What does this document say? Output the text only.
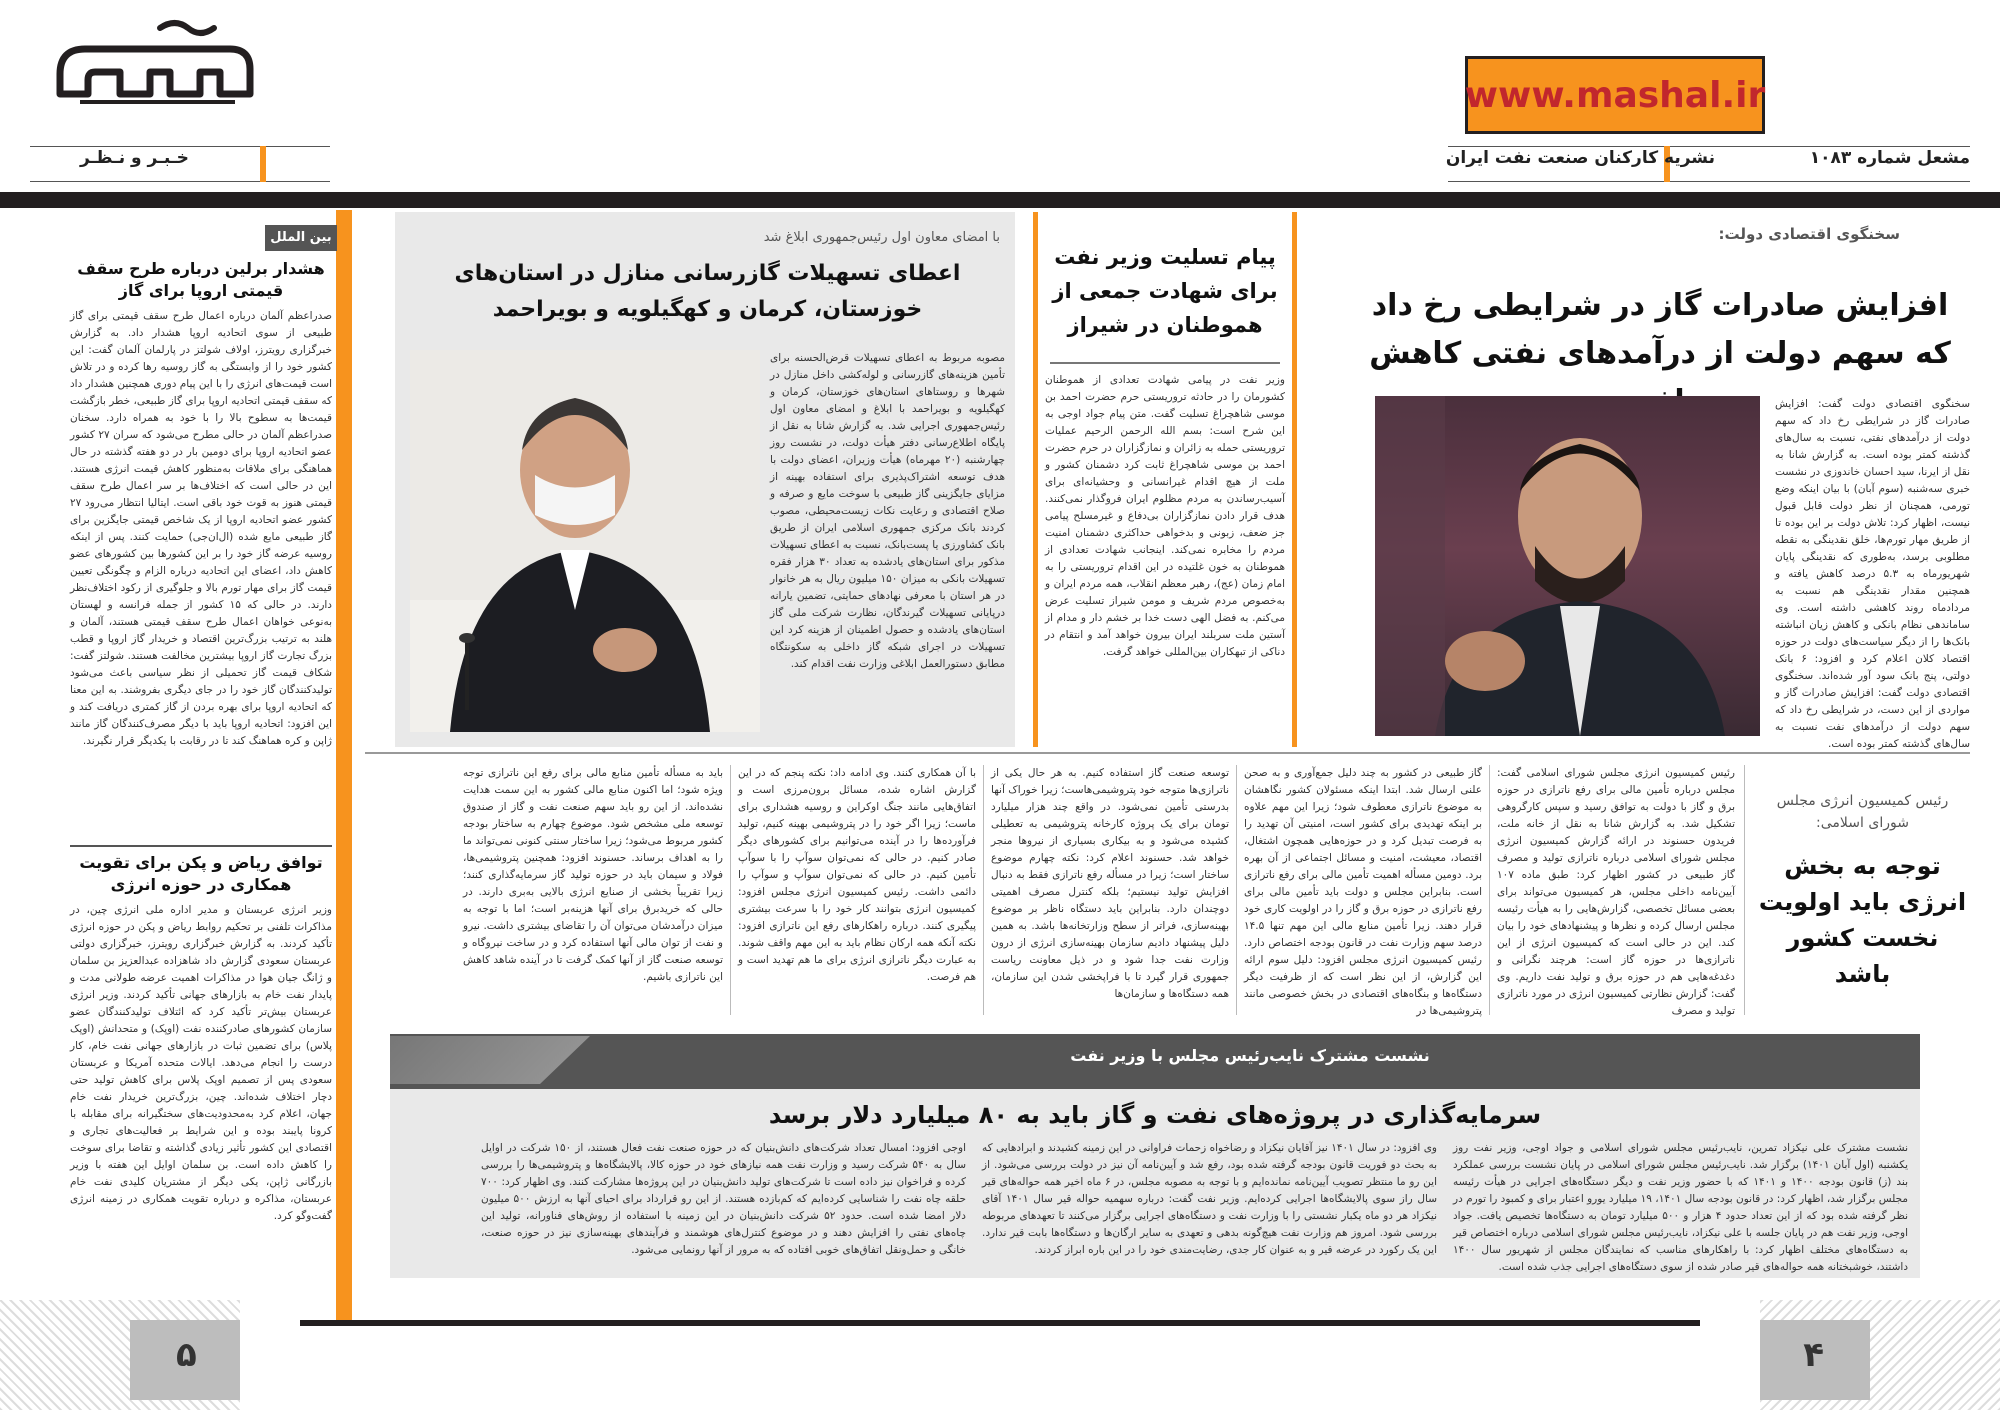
www.mashal.ir
مشعل شماره ۱۰۸۳
نشریه کارکنان صنعت نفت ایران
خـبـر و نـظـر
بین الملل
هشدار برلین درباره طرح سقف قیمتی اروپا برای گاز
صدراعظم آلمان درباره اعمال طرح سقف قیمتی برای گاز طبیعی از سوی اتحادیه اروپا هشدار داد. به گزارش خبرگزاری رویترز، اولاف شولتز در پارلمان آلمان گفت: این کشور خود را از وابستگی به گاز روسیه رها کرده و در تلاش است قیمت‌های انرژی را با این پیام دوری همچنین هشدار داد که سقف قیمتی اتحادیه اروپا برای گاز طبیعی، خطر بازگشت قیمت‌ها به سطوح بالا را با خود به همراه دارد. سخنان صدراعظم آلمان در حالی مطرح می‌شود که سران ۲۷ کشور عضو اتحادیه اروپا برای دومین بار در دو هفته گذشته در حال هماهنگی برای ملاقات به‌منظور کاهش قیمت انرژی هستند. این در حالی است که اختلاف‌ها بر سر اعمال طرح سقف قیمتی هنوز به قوت خود باقی است. ایتالیا انتظار می‌رود ۲۷ کشور عضو اتحادیه اروپا از یک شاخص قیمتی جایگزین برای گاز طبیعی مایع شده (ال‌ان‌جی) حمایت کنند. پس از اینکه روسیه عرضه گاز خود را بر این کشورها بین کشورهای عضو کاهش داد، اعضای این اتحادیه درباره الزام و چگونگی تعیین قیمت گاز برای مهار تورم بالا و جلوگیری از رکود اختلاف‌نظر دارند. در حالی که ۱۵ کشور از جمله فرانسه و لهستان به‌نوعی خواهان اعمال طرح سقف قیمتی هستند، آلمان و هلند به ترتیب بزرگ‌ترین اقتصاد و خریدار گاز اروپا و قطب بزرگ تجارت گاز اروپا بیشترین مخالفت هستند. شولتز گفت: شکاف قیمت گاز تحمیلی از نظر سیاسی باعث می‌شود تولیدکنندگان گاز خود را در جای دیگری بفروشند. به این معنا که اتحادیه اروپا برای بهره بردن از گاز کمتری دریافت کند و این افزود: اتحادیه اروپا باید با دیگر مصرف‌کنندگان گاز مانند ژاپن و کره هماهنگ کند تا در رقابت با یکدیگر قرار نگیرند.
توافق ریاض و پکن برای تقویت همکاری در حوزه انرژی
وزیر انرژی عربستان و مدیر اداره ملی انرژی چین، در مذاکرات تلفنی بر تحکیم روابط ریاض و پکن در حوزه انرژی تأکید کردند. به گزارش خبرگزاری رویترز، خبرگزاری دولتی عربستان سعودی گزارش داد شاهزاده عبدالعزیز بن سلمان و ژانگ جیان هوا در مذاکرات اهمیت عرضه طولانی مدت و پایدار نفت خام به بازارهای جهانی تأکید کردند. وزیر انرژی عربستان بیش‌تر تأکید کرد که ائتلاف تولیدکنندگان عضو سازمان کشورهای صادرکننده نفت (اوپک) و متحدانش (اوپک پلاس) برای تضمین ثبات در بازارهای جهانی نفت خام، کار درست را انجام می‌دهد. ایالات متحده آمریکا و عربستان سعودی پس از تصمیم اوپک پلاس برای کاهش تولید حتی دچار اختلاف شده‌اند. چین، بزرگ‌ترین خریدار نفت خام جهان، اعلام کرد به‌محدودیت‌های سختگیرانه برای مقابله با کرونا پایبند بوده و این شرایط بر فعالیت‌های تجاری و اقتصادی این کشور تأثیر زیادی گذاشته و تقاضا برای سوخت را کاهش داده است. بن سلمان اوایل این هفته با وزیر بازرگانی ژاپن، یکی دیگر از مشتریان کلیدی نفت خام عربستان، مذاکره و درباره تقویت همکاری در زمینه انرژی گفت‌وگو کرد.
سخنگوی اقتصادی دولت:
افزایش صادرات گاز در شرایطی رخ داد که سهم دولت از درآمدهای نفتی کاهش
سخنگوی اقتصادی دولت گفت: افزایش صادرات گاز در شرایطی رخ داد که سهم دولت از درآمدهای نفتی، نسبت به سال‌های گذشته کمتر بوده است. به گزارش شانا به نقل از ایرنا، سید احسان خاندوزی در نشست خبری سه‌شنبه (سوم آبان) با بیان اینکه وضع تورمی، همچنان از نظر دولت قابل قبول نیست، اظهار کرد: تلاش دولت بر این بوده تا از طریق مهار تورم‌ها، خلق نقدینگی به نقطه مطلوبی برسد، به‌طوری که نقدینگی پایان شهریورماه به ۵.۳ درصد کاهش یافته و همچنین مقدار نقدینگی هم نسبت به مردادماه روند کاهشی داشته است. وی ساماندهی نظام بانکی و کاهش زیان انباشته بانک‌ها را از دیگر سیاست‌های دولت در حوزه اقتصاد کلان اعلام کرد و افزود: ۶ بانک دولتی، پنج بانک سود آور شده‌اند. سخنگوی اقتصادی دولت گفت: افزایش صادرات گاز و مواردی از این دست، در شرایطی رخ داد که سهم دولت از درآمدهای نفت نسبت به سال‌های گذشته کمتر بوده است.
پیام تسلیت وزیر نفت برای شهادت جمعی از هموطنان در شیراز
وزیر نفت در پیامی شهادت تعدادی از هموطنان کشورمان را در حادثه تروریستی حرم حضرت احمد بن موسی شاهچراغ تسلیت گفت. متن پیام جواد اوجی به این شرح است: بسم الله الرحمن الرحیم عملیات تروریستی حمله به زائران و نمازگزاران در حرم حضرت احمد بن موسی شاهچراغ ثابت کرد دشمنان کشور و ملت از هیچ اقدام غیرانسانی و وحشیانه‌ای برای آسیب‌رساندن به مردم مظلوم ایران فروگذار نمی‌کنند. هدف قرار دادن نمازگزاران بی‌دفاع و غیرمسلح پیامی جز ضعف، زبونی و بدخواهی حداکثری دشمنان امنیت مردم را مخابره نمی‌کند. اینجانب شهادت تعدادی از هموطنان به خون غلتیده در این اقدام تروریستی را به امام زمان (عج)، رهبر معظم انقلاب، همه مردم ایران و به‌خصوص مردم شریف و مومن شیراز تسلیت عرض می‌کنم. به فضل الهی دست خدا بر خشم دار و مدام از آستین ملت سربلند ایران بیرون خواهد آمد و انتقام در دناکی از تبهکاران بین‌المللی خواهد گرفت.
با امضای معاون اول رئیس‌جمهوری ابلاغ شد
اعطای تسهیلات گازرسانی منازل در استان‌های خوزستان، کرمان و کهگیلویه و بویراحمد
مصوبه مربوط به اعطای تسهیلات قرض‌الحسنه برای تأمین هزینه‌های گازرسانی و لوله‌کشی داخل منازل در شهرها و روستاهای استان‌های خوزستان، کرمان و کهگیلویه و بویراحمد با ابلاغ و امضای معاون اول رئیس‌جمهوری اجرایی شد. به گزارش شانا به نقل از پایگاه اطلاع‌رسانی دفتر هیأت دولت، در نشست روز چهارشنبه (۲۰ مهرماه) هیأت وزیران، اعضای دولت با هدف توسعه اشتراک‌پذیری برای استفاده بهینه از مزایای جایگزینی گاز طبیعی با سوخت مایع و صرفه و صلاح اقتصادی و رعایت نکات زیست‌محیطی، مصوب کردند بانک مرکزی جمهوری اسلامی ایران از طریق بانک کشاورزی یا پست‌بانک، نسبت به اعطای تسهیلات مذکور برای استان‌های یادشده به تعداد ۳۰ هزار فقره تسهیلات بانکی به میزان ۱۵۰ میلیون ریال به هر خانوار در هر استان با معرفی نهادهای حمایتی، تضمین یارانه درپایانی تسهیلات گیرندگان، نظارت شرکت ملی گاز استان‌های یادشده و حصول اطمینان از هزینه کرد این تسهیلات در اجرای شبکه گاز داخلی به سکونتگاه مطابق دستورالعمل ابلاغی وزارت نفت اقدام کند.
رئیس کمیسیون انرژی مجلس شورای اسلامی:
توجه به بخش انرژی باید اولویت نخست کشور باشد
رئیس کمیسیون انرژی مجلس شورای اسلامی گفت: مجلس درباره تأمین مالی برای رفع ناترازی در حوزه برق و گاز با دولت به توافق رسید و سپس کارگروهی تشکیل شد. به گزارش شانا به نقل از خانه ملت، فریدون حسنوند در ارائه گزارش کمیسیون انرژی مجلس شورای اسلامی درباره ناترازی تولید و مصرف گاز طبیعی در کشور اظهار کرد: طبق ماده ۱۰۷ آیین‌نامه داخلی مجلس، هر کمیسیون می‌تواند برای بعضی مسائل تخصصی، گزارش‌هایی را به هیأت رئیسه مجلس ارسال کرده و نظرها و پیشنهادهای خود را بیان کند. این در حالی است که کمیسیون انرژی از این ناترازی‌ها در حوزه گاز است: هرچند نگرانی و دغدغه‌هایی هم در حوزه برق و تولید نفت داریم. وی گفت: گزارش نظارتی کمیسیون انرژی در مورد ناترازی تولید و مصرف
گاز طبیعی در کشور به چند دلیل جمع‌آوری و به صحن علنی ارسال شد. ابتدا اینکه مسئولان کشور نگاهشان به موضوع ناترازی معطوف شود؛ زیرا این مهم علاوه بر اینکه تهدیدی برای کشور است، امنیتی آن تهدید را به فرصت تبدیل کرد و در حوزه‌هایی همچون اشتغال، اقتصاد، معیشت، امنیت و مسائل اجتماعی از آن بهره برد. دومین مسأله اهمیت تأمین مالی برای رفع ناترازی است. بنابراین مجلس و دولت باید تأمین مالی برای رفع ناترازی در حوزه برق و گاز را در اولویت کاری خود قرار دهند. زیرا تأمین منابع مالی این مهم تنها ۱۴.۵ درصد سهم وزارت نفت در قانون بودجه اختصاص دارد. رئیس کمیسیون انرژی مجلس افزود: دلیل سوم ارائه این گزارش، از این نظر است که از ظرفیت دیگر دستگاه‌ها و بنگاه‌های اقتصادی در بخش خصوصی مانند پتروشیمی‌ها در
توسعه صنعت گاز استفاده کنیم. به هر حال یکی از ناترازی‌ها متوجه خود پتروشیمی‌هاست؛ زیرا خوراک آنها بدرستی تأمین نمی‌شود. در واقع چند هزار میلیارد تومان برای یک پروژه کارخانه پتروشیمی به تعطیلی کشیده می‌شود و به بیکاری بسیاری از نیروها منجر خواهد شد. حسنوند اعلام کرد: نکته چهارم موضوع ساختار است؛ زیرا در مسأله رفع ناترازی فقط به دنبال افزایش تولید نیستیم؛ بلکه کنترل مصرف اهمیتی دوچندان دارد. بنابراین باید دستگاه ناظر بر موضوع بهینه‌سازی، فراتر از سطح وزارتخانه‌ها باشد. به همین دلیل پیشنهاد دادیم سازمان بهینه‌سازی انرژی از درون وزارت نفت جدا شود و در ذیل معاونت ریاست جمهوری قرار گیرد تا با فراپخشی شدن این سازمان، همه دستگاه‌ها و سازمان‌ها
با آن همکاری کنند. وی ادامه داد: نکته پنجم که در این گزارش اشاره شده، مسائل برون‌مرزی است و اتفاق‌هایی مانند جنگ اوکراین و روسیه هشداری برای ماست؛ زیرا اگر خود را در پتروشیمی بهینه کنیم، تولید فرآورده‌ها را در آینده می‌توانیم برای کشورهای دیگر صادر کنیم. در حالی که نمی‌توان سوآپ را با سوآپ تأمین کنیم. در حالی که نمی‌توان سوآپ و سوآپ را دائمی داشت. رئیس کمیسیون انرژی مجلس افزود: کمیسیون انرژی بتوانند کار خود را با سرعت بیشتری پیگیری کنند. درباره راهکارهای رفع این ناترازی افزود: نکته آنکه همه ارکان نظام باید به این مهم واقف شوند. به عبارت دیگر ناترازی انرژی برای ما هم تهدید است و هم فرصت.
باید به مسأله تأمین منابع مالی برای رفع این ناترازی توجه ویژه شود؛ اما اکنون منابع مالی کشور به این سمت هدایت نشده‌اند. از این رو باید سهم صنعت نفت و گاز از صندوق توسعه ملی مشخص شود. موضوع چهارم به ساختار بودجه کشور مربوط می‌شود؛ زیرا ساختار سنتی کنونی نمی‌تواند ما را به اهداف برساند. حسنوند افزود: همچنین پتروشیمی‌ها، فولاد و سیمان باید در حوزه تولید گاز سرمایه‌گذاری کنند؛ زیرا تقریباً بخشی از صنایع انرژی بالایی به‌بری دارند. در حالی که خریدبرق برای آنها هزینه‌بر است؛ اما با توجه به میزان درآمدشان می‌توان آن را تقاضای بیشتری داشت. نیرو و نفت از توان مالی آنها استفاده کرد و در ساخت نیروگاه و توسعه صنعت گاز از آنها کمک گرفت تا در آینده شاهد کاهش این ناترازی باشیم.
نشست مشترک نایب‌رئیس مجلس با وزیر نفت
سرمایه‌گذاری در پروژه‌های نفت و گاز باید به ۸۰ میلیارد دلار برسد
نشست مشترک علی نیکزاد تمرین، نایب‌رئیس مجلس شورای اسلامی و جواد اوجی، وزیر نفت روز یکشنبه (اول آبان ۱۴۰۱) برگزار شد. نایب‌رئیس مجلس شورای اسلامی در پایان نشست بررسی عملکرد بند (ز) قانون بودجه ۱۴۰۰ و ۱۴۰۱ که با حضور وزیر نفت و دیگر دستگاه‌های اجرایی در هیأت رئیسه مجلس برگزار شد، اظهار کرد: در قانون بودجه سال ۱۴۰۱، ۱۹ میلیارد یورو اعتبار برای و کمبود را تورم در نظر گرفته شده بود که از این تعداد حدود ۴ هزار و ۵۰۰ میلیارد تومان به دستگاه‌ها تخصیص یافت. جواد اوجی، وزیر نفت هم در پایان جلسه با علی نیکزاد، نایب‌رئیس مجلس شورای اسلامی درباره اختصاص قیر به دستگاه‌های مختلف اظهار کرد: با راهکارهای مناسب که نمایندگان مجلس از شهریور سال ۱۴۰۰ داشتند، خوشبختانه همه حواله‌های قیر صادر شده از سوی دستگاه‌های اجرایی جذب شده است.
وی افزود: در سال ۱۴۰۱ نیز آقایان نیکزاد و رضاخواه زحمات فراوانی در این زمینه کشیدند و ابرادهایی که به بحث دو فوریت قانون بودجه گرفته شده بود، رفع شد و آیین‌نامه آن نیز در دولت بررسی می‌شود. از این رو ما منتظر تصویب آیین‌نامه نمانده‌ایم و با توجه به مصوبه مجلس، در ۶ ماه اخیر همه حواله‌های قیر سال راز سوی پالایشگاه‌ها اجرایی کرده‌ایم. وزیر نفت گفت: درباره سهمیه حواله قیر سال ۱۴۰۱ آقای نیکزاد هر دو ماه یکبار نشستی را با وزارت نفت و دستگاه‌های اجرایی برگزار می‌کنند تا تعهدهای مربوطه بررسی شود. امروز هم وزارت نفت هیچ‌گونه بدهی و تعهدی به سایر ارگان‌ها و دستگاه‌ها بابت قیر ندارد. این یک رکورد در عرضه قیر و به عنوان کار جدی، رضایت‌مندی خود را در این باره ابراز کردند.
اوجی افزود: امسال تعداد شرکت‌های دانش‌بنیان که در حوزه صنعت نفت فعال هستند، از ۱۵۰ شرکت در اوایل سال به ۵۴۰ شرکت رسید و وزارت نفت همه نیازهای خود در حوزه کالا، پالایشگاه‌ها و پتروشیمی‌ها را بررسی کرده و فراخوان نیز داده است تا شرکت‌های تولید دانش‌بنیان در این پروژه‌ها مشارکت کنند. وی اظهار کرد: ۷۰۰ حلقه چاه نفت را شناسایی کرده‌ایم که کم‌بازده هستند. از این رو قرارداد برای احیای آنها به ارزش ۵۰۰ میلیون دلار امضا شده است. حدود ۵۲ شرکت دانش‌بنیان در این زمینه با استفاده از روش‌های فناورانه، تولید این چاه‌های نفتی را افزایش دهند و در موضوع کنترل‌های هوشمند و فرآیندهای بهینه‌سازی نیز در حوزه صنعت، خانگی و حمل‌ونقل اتفاق‌های خوبی افتاده که به مرور از آنها رونمایی می‌شود.
۵	۴
